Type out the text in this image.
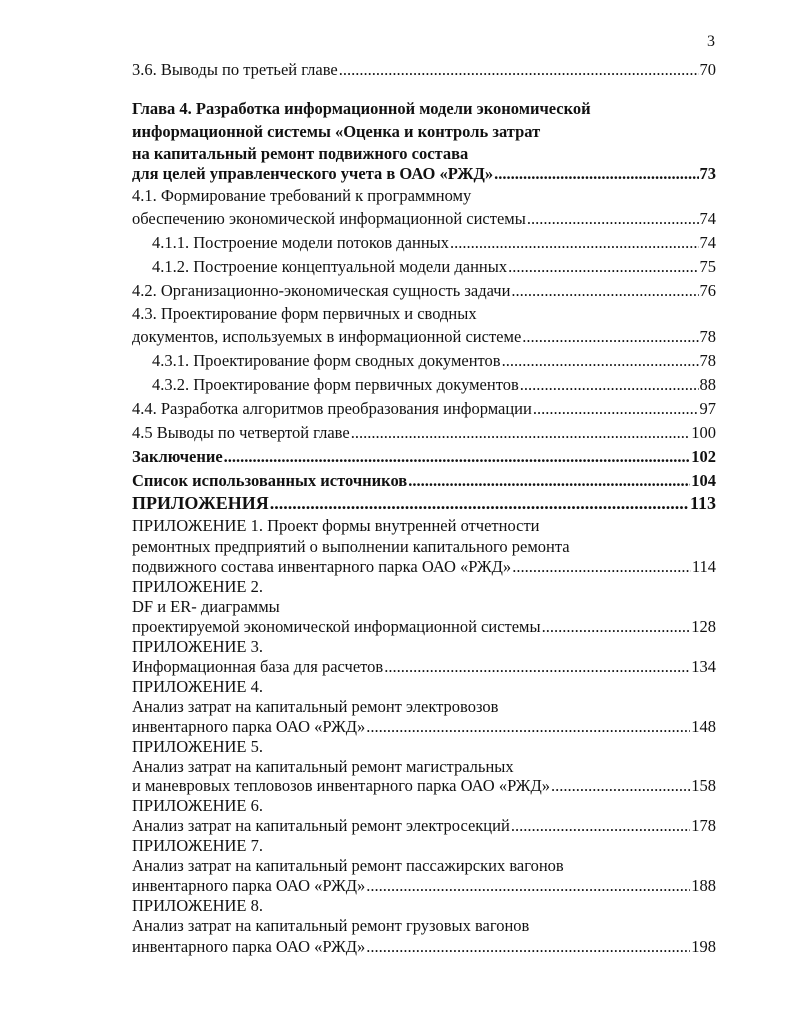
3
3.6. Выводы по третьей главе .....	70
Глава 4. Разработка информационной модели экономической
информационной системы «Оценка и контроль затрат
на капитальный ремонт подвижного состава
для целей управленческого учета в ОАО «РЖД» .....	73
4.1. Формирование требований к программному
обеспечению экономической информационной системы .....	74
4.1.1. Построение модели потоков данных .....	74
4.1.2. Построение концептуальной модели данных .....	75
4.2. Организационно-экономическая сущность задачи .....	76
4.3. Проектирование форм первичных и сводных
документов, используемых в информационной системе .....	78
4.3.1. Проектирование форм сводных документов .....	78
4.3.2. Проектирование форм первичных документов .....	88
4.4. Разработка алгоритмов преобразования информации .....	97
4.5 Выводы по четвертой главе .....	100
Заключение .....	102
Список использованных источников .....	104
ПРИЛОЖЕНИЯ .....	113
ПРИЛОЖЕНИЕ 1. Проект формы внутренней отчетности
ремонтных предприятий о выполнении капитального ремонта
подвижного состава инвентарного парка ОАО «РЖД» .....	114
ПРИЛОЖЕНИЕ 2.
DF и ER- диаграммы
проектируемой экономической информационной системы .....	128
ПРИЛОЖЕНИЕ 3.
Информационная база для расчетов .....	134
ПРИЛОЖЕНИЕ 4.
Анализ затрат на капитальный ремонт электровозов
инвентарного парка ОАО «РЖД» .....	148
ПРИЛОЖЕНИЕ 5.
Анализ затрат на капитальный ремонт магистральных
и маневровых тепловозов инвентарного парка ОАО «РЖД» .....	158
ПРИЛОЖЕНИЕ 6.
Анализ затрат на капитальный ремонт электросекций .....	178
ПРИЛОЖЕНИЕ 7.
Анализ затрат на капитальный ремонт пассажирских вагонов
инвентарного парка ОАО «РЖД» .....	188
ПРИЛОЖЕНИЕ 8.
Анализ затрат на капитальный ремонт грузовых вагонов
инвентарного парка ОАО «РЖД» .....	198
